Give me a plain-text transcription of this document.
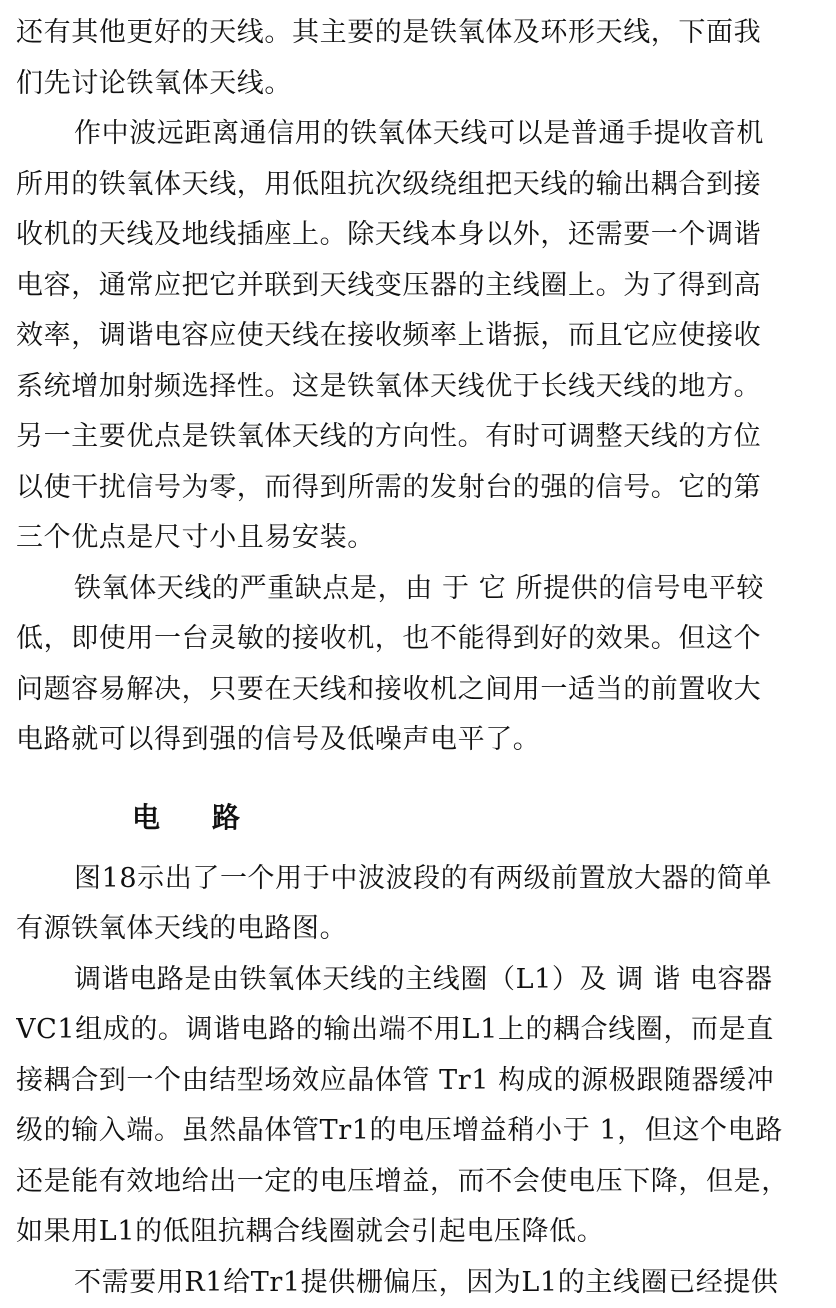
还有其他更好的天线。其主要的是铁氧体及环形天线，下面我
们先讨论铁氧体天线。
作中波远距离通信用的铁氧体天线可以是普通手提收音机
所用的铁氧体天线，用低阻抗次级绕组把天线的输出耦合到接
收机的天线及地线插座上。除天线本身以外，还需要一个调谐
电容，通常应把它并联到天线变压器的主线圈上。为了得到高
效率，调谐电容应使天线在接收频率上谐振，而且它应使接收
系统增加射频选择性。这是铁氧体天线优于长线天线的地方。
另一主要优点是铁氧体天线的方向性。有时可调整天线的方位
以使干扰信号为零，而得到所需的发射台的强的信号。它的第
三个优点是尺寸小且易安装。
铁氧体天线的严重缺点是，由 于 它 所提供的信号电平较
低，即使用一台灵敏的接收机，也不能得到好的效果。但这个
问题容易解决，只要在天线和接收机之间用一适当的前置收大
电路就可以得到强的信号及低噪声电平了。
电 路
图18示出了一个用于中波波段的有两级前置放大器的简单
有源铁氧体天线的电路图。
调谐电路是由铁氧体天线的主线圈（L1）及 调 谐 电容器
VC1组成的。调谐电路的输出端不用L1上的耦合线圈，而是直
接耦合到一个由结型场效应晶体管 Tr1 构成的源极跟随器缓冲
级的输入端。虽然晶体管Tr1的电压增益稍小于 1，但这个电路
还是能有效地给出一定的电压增益，而不会使电压下降，但是，
如果用L1的低阻抗耦合线圈就会引起电压降低。
不需要用R1给Tr1提供栅偏压，因为L1的主线圈已经提供
